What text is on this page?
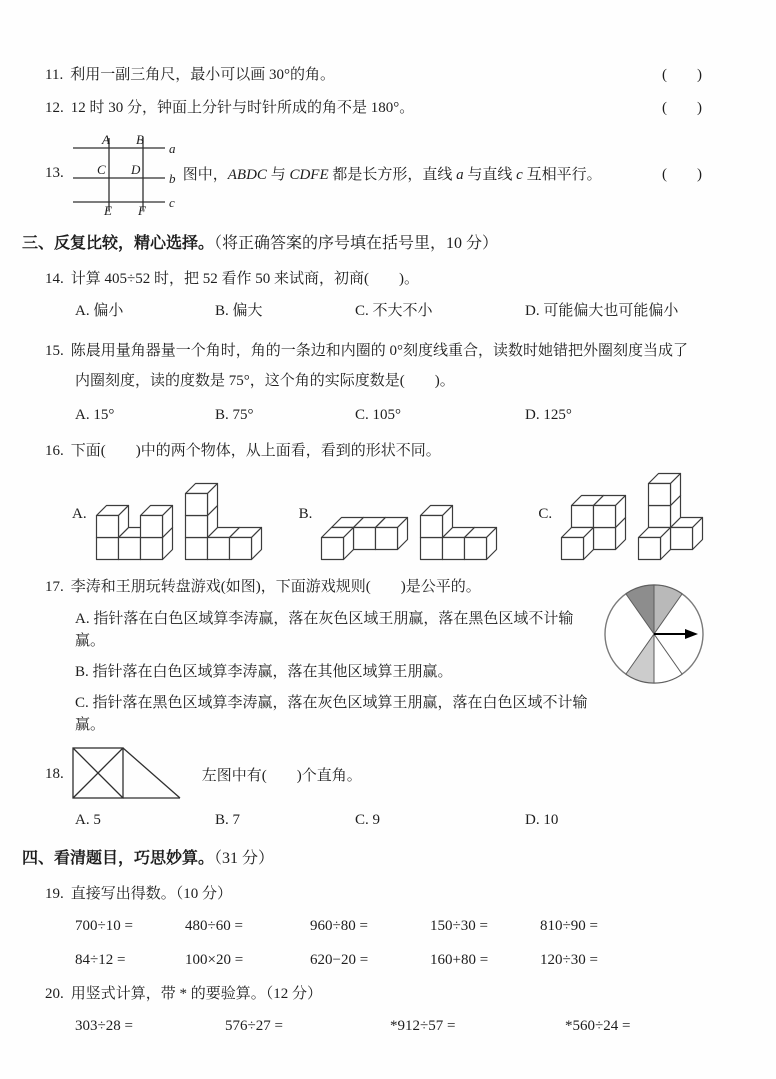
11. 利用一副三角尺，最小可以画 30°的角。	(　　)
12. 12 时 30 分，钟面上分针与时针所成的角不是 180°。	(　　)
13.
a
b
c
A B
C D
E F
图中，ABDC 与 CDFE 都是长方形，直线 a 与直线 c 互相平行。	(　　)
三、反复比较，精心选择。（将正确答案的序号填在括号里，10 分）
14. 计算 405÷52 时，把 52 看作 50 来试商，初商(　　)。
A. 偏小	B. 偏大	C. 不大不小	D. 可能偏大也可能偏小
15. 陈晨用量角器量一个角时，角的一条边和内圈的 0°刻度线重合，读数时她错把外圈刻度当成了
内圈刻度，读的度数是 75°，这个角的实际度数是(　　)。
A. 15°	B. 75°	C. 105°	D. 125°
16. 下面(　　)中的两个物体，从上面看，看到的形状不同。
A.	B.	C.
17. 李涛和王朋玩转盘游戏(如图)，下面游戏规则(　　)是公平的。
A. 指针落在白色区域算李涛赢，落在灰色区域王朋赢，落在黑色区域不计输赢。
B. 指针落在白色区域算李涛赢，落在其他区域算王朋赢。
C. 指针落在黑色区域算李涛赢，落在灰色区域算王朋赢，落在白色区域不计输赢。
18.	左图中有(　　)个直角。
A. 5	B. 7	C. 9	D. 10
四、看清题目，巧思妙算。（31 分）
19. 直接写出得数。（10 分）
700÷10 =	480÷60 =	960÷80 =	150÷30 =	810÷90 =
84÷12 =	100×20 =	620−20 =	160+80 =	120÷30 =
20. 用竖式计算，带 * 的要验算。（12 分）
303÷28 =	576÷27 =	*912÷57 =	*560÷24 =
